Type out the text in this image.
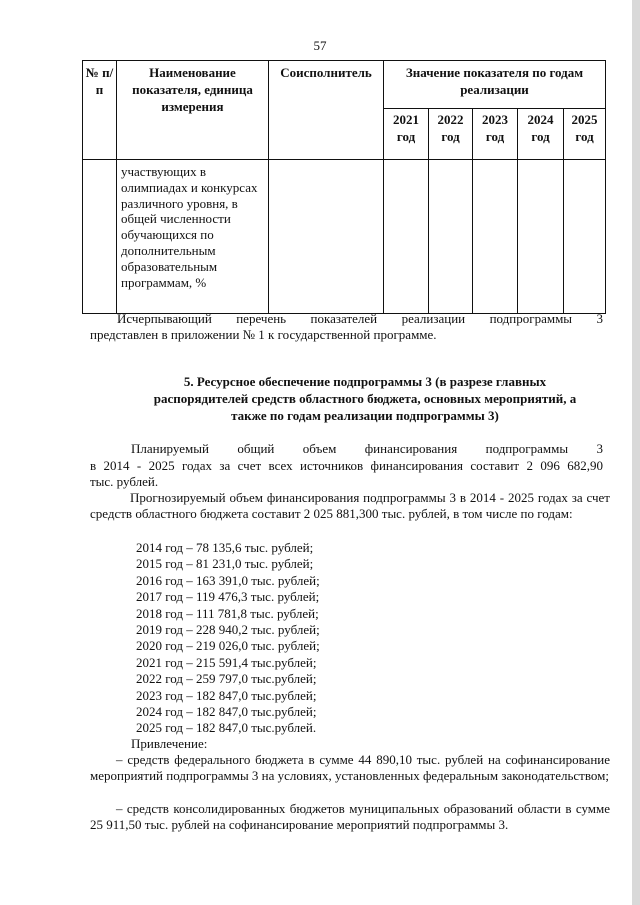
57
№ п/п	Наименование показателя, единица измерения	Соисполнитель	Значение показателя по годам реализации				
			2021 год	2022 год	2023 год	2024 год	2025 год
	участвующих в олимпиадах и конкурсах различного уровня, в общей численности обучающихся по дополнительным образовательным программам, %						
Исчерпывающий перечень показателей реализации подпрограммы 3
представлен в приложении № 1 к государственной программе.
5. Ресурсное обеспечение подпрограммы 3 (в разрезе главных распорядителей средств областного бюджета, основных мероприятий, а также по годам реализации подпрограммы 3)
Планируемый общий объем финансирования подпрограммы 3
в 2014 - 2025 годах за счет всех источников финансирования составит 2 096 682,90
тыс. рублей.
Прогнозируемый объем финансирования подпрограммы 3 в 2014 - 2025 годах за счет средств областного бюджета составит 2 025 881,300 тыс. рублей, в том числе по годам:
2014 год – 78 135,6 тыс. рублей;
2015 год – 81 231,0 тыс. рублей;
2016 год – 163 391,0 тыс. рублей;
2017 год – 119 476,3 тыс. рублей;
2018 год – 111 781,8 тыс. рублей;
2019 год – 228 940,2 тыс. рублей;
2020 год – 219 026,0 тыс. рублей;
2021 год – 215 591,4 тыс.рублей;
2022 год – 259 797,0 тыс.рублей;
2023 год – 182 847,0 тыс.рублей;
2024 год – 182 847,0 тыс.рублей;
2025 год – 182 847,0 тыс.рублей.
Привлечение:
– средств федерального бюджета в сумме 44 890,10 тыс. рублей на софинансирование мероприятий подпрограммы 3 на условиях, установленных федеральным законодательством;
– средств консолидированных бюджетов муниципальных образований области в сумме 25 911,50 тыс. рублей на софинансирование мероприятий подпрограммы 3.
